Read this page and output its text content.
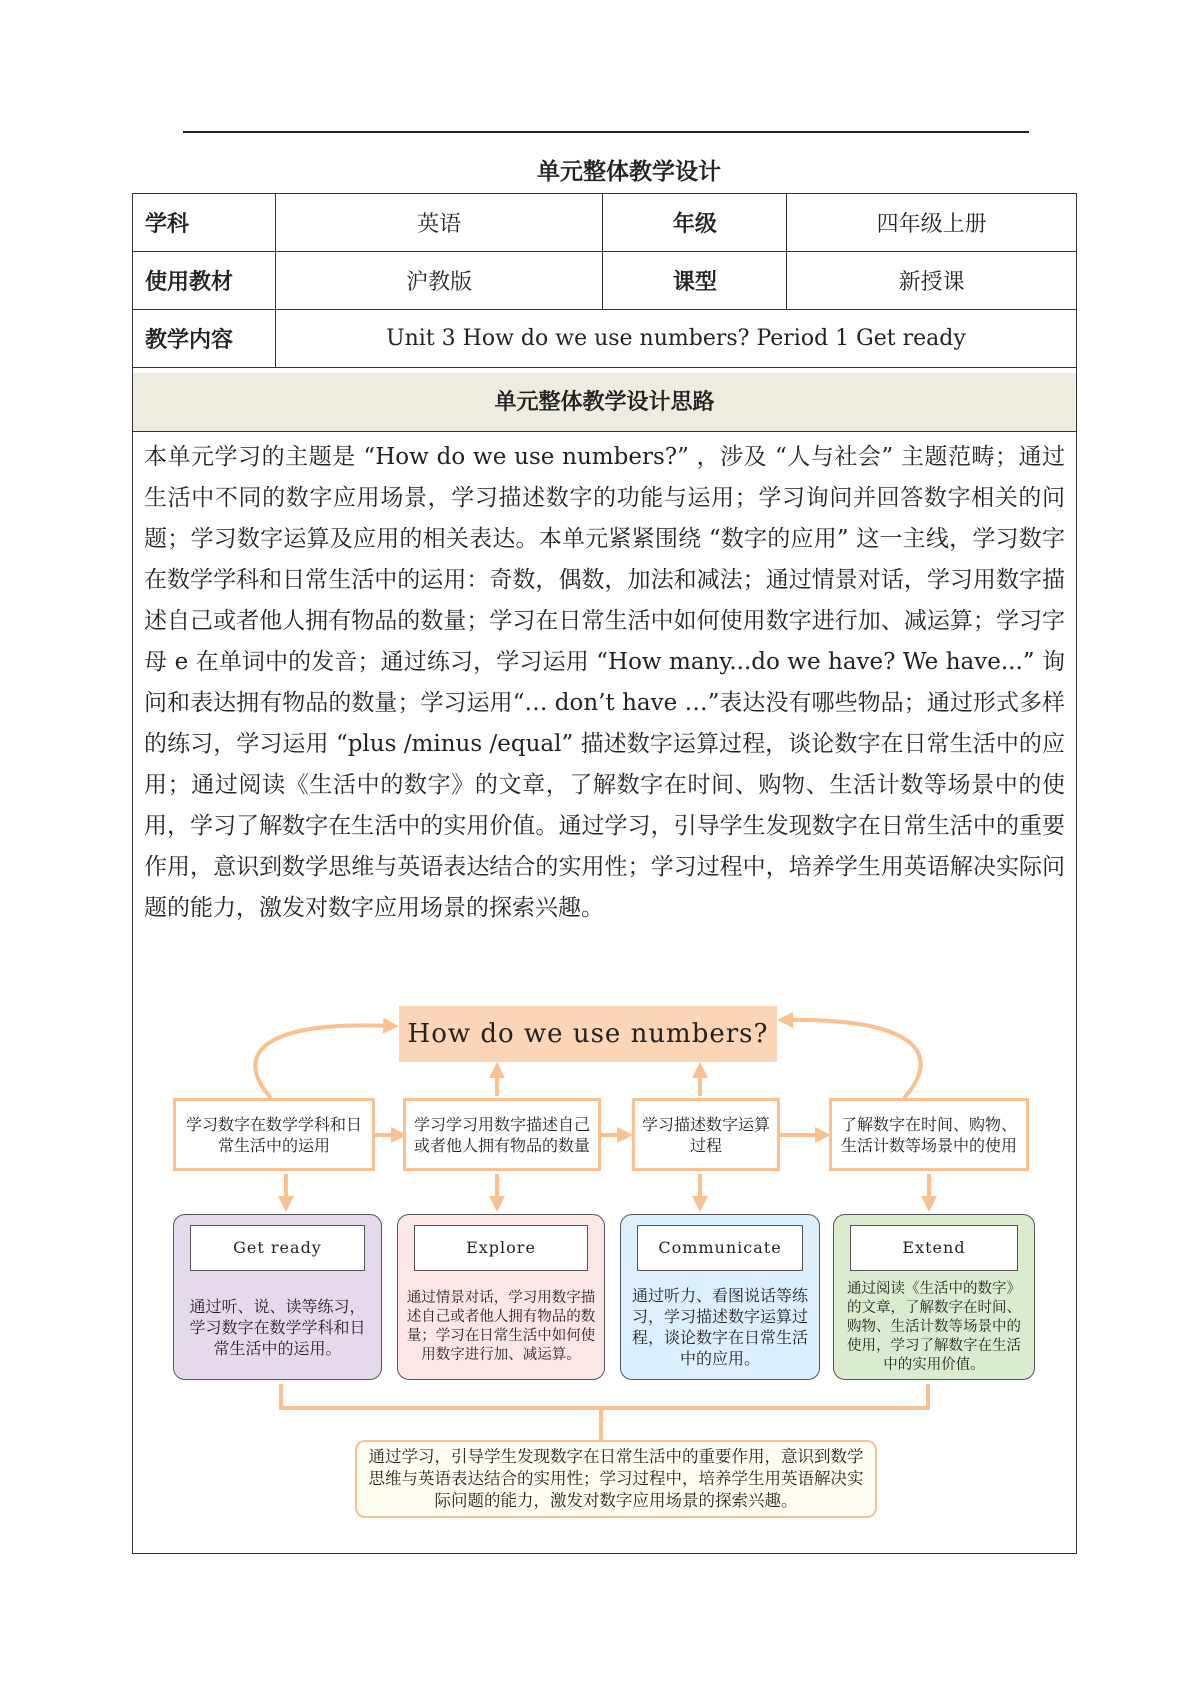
单元整体教学设计
学科	英语	年级	四年级上册
使用教材	沪教版	课型	新授课
教学内容	Unit 3 How do we use numbers? Period 1 Get ready		
单元整体教学设计思路

本单元学习的主题是 “How do we use numbers?” ，涉及 “人与社会” 主题范畴；通过生活中不同的数字应用场景，学习描述数字的功能与运用；学习询问并回答数字相关的问题；学习数字运算及应用的相关表达。本单元紧紧围绕 “数字的应用” 这一主线，学习数字在数学学科和日常生活中的运用：奇数，偶数，加法和减法；通过情景对话，学习用数字描述自己或者他人拥有物品的数量；学习在日常生活中如何使用数字进行加、减运算；学习字母 e 在单词中的发音；通过练习，学习运用 “How many...do we have? We have...” 询问和表达拥有物品的数量；学习运用“… don’t have …”表达没有哪些物品；通过形式多样的练习，学习运用 “plus /minus /equal” 描述数字运算过程，谈论数字在日常生活中的应用；通过阅读《生活中的数字》的文章，了解数字在时间、购物、生活计数等场景中的使用，学习了解数字在生活中的实用价值。通过学习，引导学生发现数字在日常生活中的重要作用，意识到数学思维与英语表达结合的实用性；学习过程中，培养学生用英语解决实际问题的能力，激发对数字应用场景的探索兴趣。

How do we use numbers?
学习数字在数学学科和日常生活中的运用
学习学习用数字描述自己或者他人拥有物品的数量
学习描述数字运算过程
了解数字在时间、购物、生活计数等场景中的使用
Get ready
通过听、说、读等练习，学习数字在数学学科和日常生活中的运用。
Explore
通过情景对话，学习用数字描述自己或者他人拥有物品的数量；学习在日常生活中如何使用数字进行加、减运算。
Communicate
通过听力、看图说话等练习，学习描述数字运算过程，谈论数字在日常生活中的应用。
Extend
通过阅读《生活中的数字》的文章，了解数字在时间、购物、生活计数等场景中的使用，学习了解数字在生活中的实用价值。
通过学习，引导学生发现数字在日常生活中的重要作用，意识到数学思维与英语表达结合的实用性；学习过程中，培养学生用英语解决实际问题的能力，激发对数字应用场景的探索兴趣。
